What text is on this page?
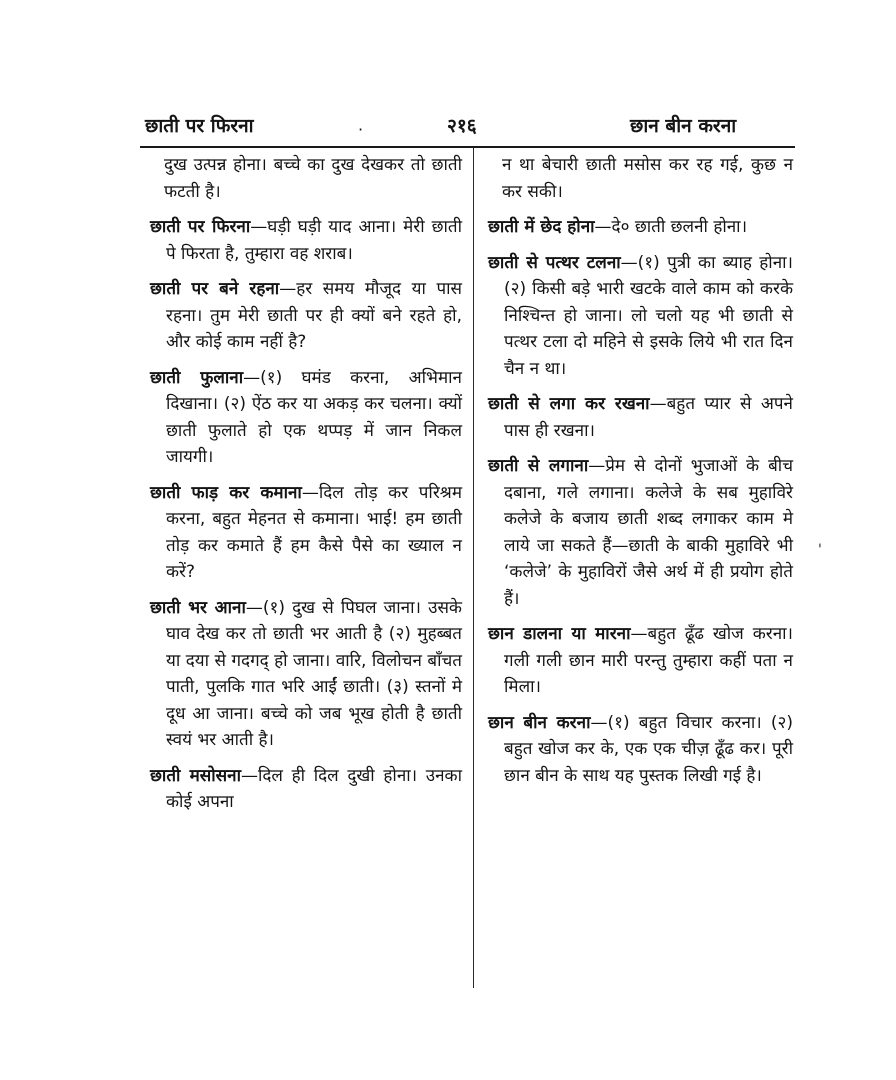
छाती पर फिरना	·	२१६	छान बीन करना

दुख उत्पन्न होना। बच्चे का दुख देखकर तो छाती फटती है।

छाती पर फिरना—घड़ी घड़ी याद आना। मेरी छाती पे फिरता है, तुम्हारा वह शराब।

छाती पर बने रहना—हर समय मौजूद या पास रहना। तुम मेरी छाती पर ही क्यों बने रहते हो, और कोई काम नहीं है?

छाती फुलाना—(१) घमंड करना, अभिमान दिखाना। (२) ऐंठ कर या अकड़ कर चलना। क्यों छाती फुलाते हो एक थप्पड़ में जान निकल जायगी।

छाती फाड़ कर कमाना—दिल तोड़ कर परिश्रम करना, बहुत मेहनत से कमाना। भाई! हम छाती तोड़ कर कमाते हैं हम कैसे पैसे का ख्याल न करें?

छाती भर आना—(१) दुख से पिघल जाना। उसके घाव देख कर तो छाती भर आती है (२) मुहब्बत या दया से गदगद् हो जाना। वारि, विलोचन बाँचत पाती, पुलकि गात भरि आईं छाती। (३) स्तनों मे दूध आ जाना। बच्चे को जब भूख होती है छाती स्वयं भर आती है।

छाती मसोसना—दिल ही दिल दुखी होना। उनका कोई अपना

न था बेचारी छाती मसोस कर रह गई, कुछ न कर सकी।

छाती में छेद होना—दे० छाती छलनी होना।

छाती से पत्थर टलना—(१) पुत्री का ब्याह होना। (२) किसी बड़े भारी खटके वाले काम को करके निश्चिन्त हो जाना। लो चलो यह भी छाती से पत्थर टला दो महिने से इसके लिये भी रात दिन चैन न था।

छाती से लगा कर रखना—बहुत प्यार से अपने पास ही रखना।

छाती से लगाना—प्रेम से दोनों भुजाओं के बीच दबाना, गले लगाना। कलेजे के सब मुहाविरे कलेजे के बजाय छाती शब्द लगाकर काम मे लाये जा सकते हैं—छाती के बाकी मुहाविरे भी ‘कलेजे’ के मुहाविरों जैसे अर्थ में ही प्रयोग होते हैं।

छान डालना या मारना—बहुत ढूँढ खोज करना। गली गली छान मारी परन्तु तुम्हारा कहीं पता न मिला।

छान बीन करना—(१) बहुत विचार करना। (२) बहुत खोज कर के, एक एक चीज़ ढूँढ कर। पूरी छान बीन के साथ यह पुस्तक लिखी गई है।

'
